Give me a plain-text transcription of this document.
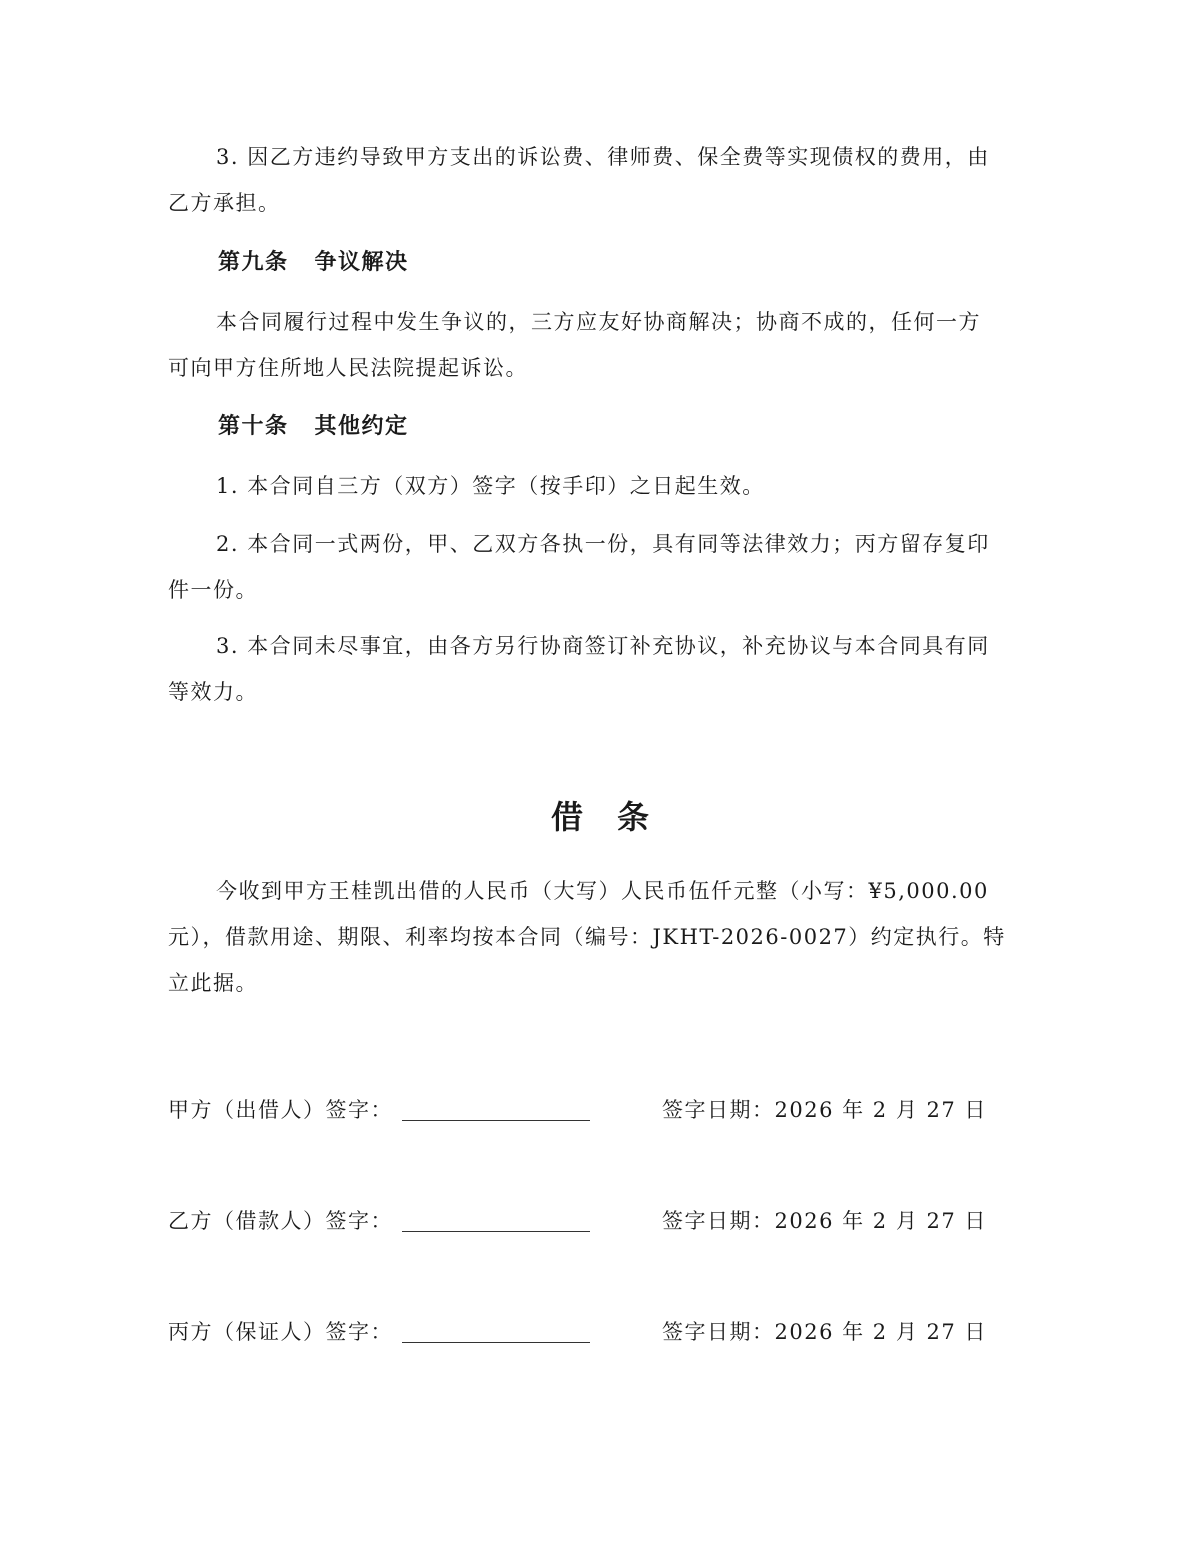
3. 因乙方违约导致甲方支出的诉讼费、律师费、保全费等实现债权的费用，由
乙方承担。
第九条 争议解决
本合同履行过程中发生争议的，三方应友好协商解决；协商不成的，任何一方
可向甲方住所地人民法院提起诉讼。
第十条 其他约定
1. 本合同自三方（双方）签字（按手印）之日起生效。
2. 本合同一式两份，甲、乙双方各执一份，具有同等法律效力；丙方留存复印
件一份。
3. 本合同未尽事宜，由各方另行协商签订补充协议，补充协议与本合同具有同
等效力。
借 条
今收到甲方王桂凯出借的人民币（大写）人民币伍仟元整（小写：¥5,000.00
元），借款用途、期限、利率均按本合同（编号：JKHT-2026-0027）约定执行。特
立此据。
甲方（出借人）签字：	签字日期：2026 年 2 月 27 日
乙方（借款人）签字：	签字日期：2026 年 2 月 27 日
丙方（保证人）签字：	签字日期：2026 年 2 月 27 日
